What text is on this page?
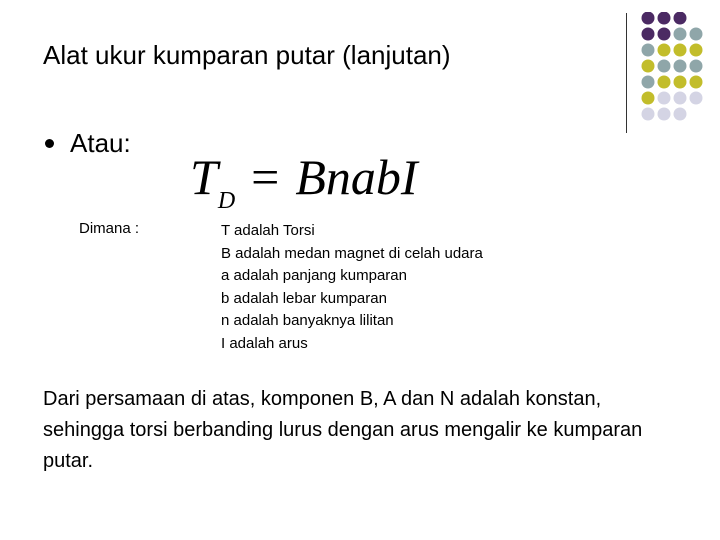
Alat ukur kumparan putar (lanjutan)
Atau:
$T_D$ = BnabI
Dimana :	T adalah Torsi
B adalah medan magnet di celah udara
a adalah panjang kumparan
b adalah lebar kumparan
n adalah banyaknya lilitan
I adalah arus
Dari persamaan di atas, komponen B, A dan N adalah konstan, sehingga torsi berbanding lurus dengan arus mengalir ke kumparan putar.
